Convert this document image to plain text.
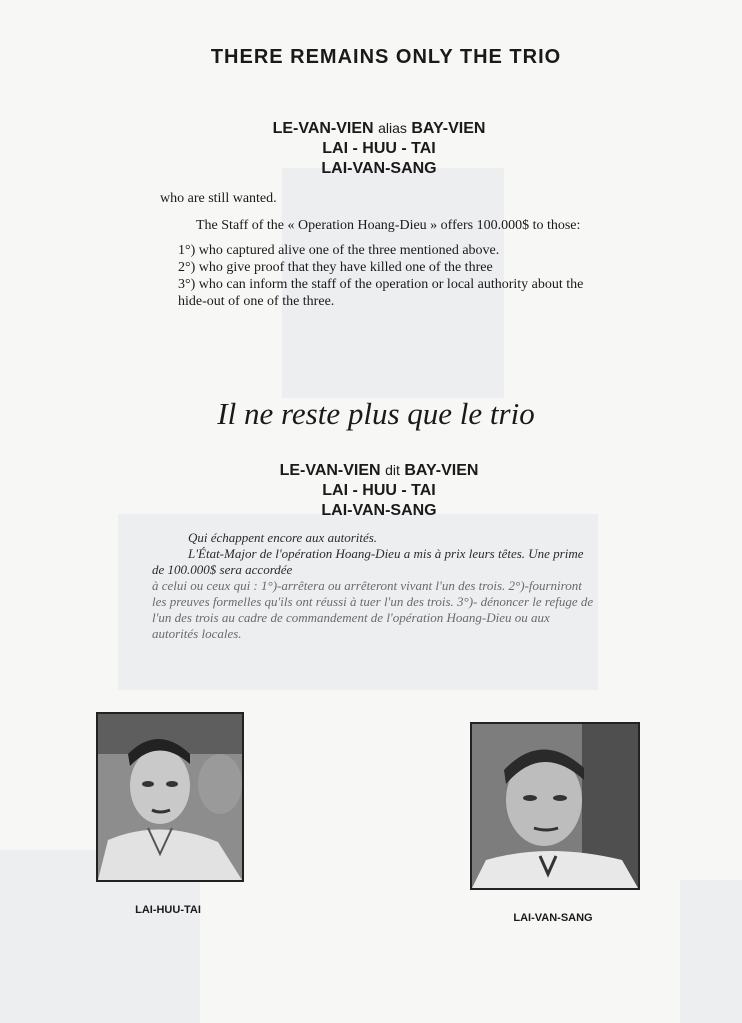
THERE REMAINS ONLY THE TRIO
LE-VAN-VIEN alias BAY-VIEN
LAI - HUU - TAI
LAI-VAN-SANG

who are still wanted.

The Staff of the « Operation Hoang-Dieu » offers 100.000$ to those:

1°) who captured alive one of the three mentioned above.

2°) who give proof that they have killed one of the three

3°) who can inform the staff of the operation or local authority about the hide-out of one of the three.

Il ne reste plus que le trio
LE-VAN-VIEN dit BAY-VIEN
LAI - HUU - TAI
LAI-VAN-SANG

Qui échappent encore aux autorités.

L'État-Major de l'opération Hoang-Dieu a mis à prix leurs têtes. Une prime de 100.000$ sera accordée

à celui ou ceux qui : 1°)-arrêtera ou arrêteront vivant l'un des trois. 2°)-fourniront les preuves formelles qu'ils ont réussi à tuer l'un des trois. 3°)- dénoncer le refuge de l'un des trois au cadre de commandement de l'opération Hoang-Dieu ou aux autorités locales.

LAI-HUU-TAI
LAI-VAN-SANG
